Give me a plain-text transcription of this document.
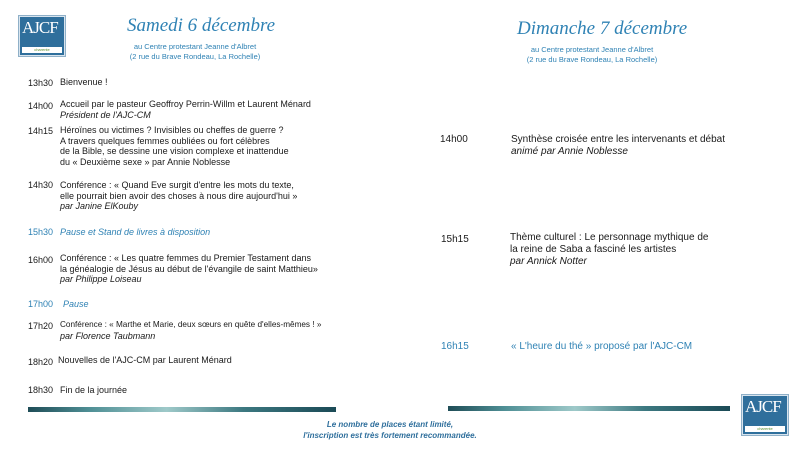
AJCF
charente
Samedi 6 décembre
au Centre protestant Jeanne d'Albret
(2 rue du Brave Rondeau, La Rochelle)
Dimanche 7 décembre
au Centre protestant Jeanne d'Albret
(2 rue du Brave Rondeau, La Rochelle)
13h30 Bienvenue !
14h00 Accueil par le pasteur Geoffroy Perrin-Willm et Laurent Ménard
Président de l'AJC-CM
14h15 Héroïnes ou victimes ? Invisibles ou cheffes de guerre ?
A travers quelques femmes oubliées ou fort célèbres
de la Bible, se dessine une vision complexe et inattendue
du « Deuxième sexe » par Annie Noblesse
14h30 Conférence : « Quand Eve surgit d'entre les mots du texte,
elle pourrait bien avoir des choses à nous dire aujourd'hui »
par Janine ElKouby
15h30 Pause et Stand de livres à disposition
16h00 Conférence : « Les quatre femmes du Premier Testament dans
la généalogie de Jésus au début de l'évangile de saint Matthieu»
par Philippe Loiseau
17h00 Pause
17h20 Conférence : « Marthe et Marie, deux sœurs en quête d'elles-mêmes ! »
par Florence Taubmann
18h20 Nouvelles de l'AJC-CM par Laurent Ménard
18h30 Fin de la journée
14h00	Synthèse croisée entre les intervenants et débat
animé par Annie Noblesse
15h15	Thème culturel : Le personnage mythique de
la reine de Saba a fasciné les artistes
par Annick Notter
16h15	« L'heure du thé » proposé par l'AJC-CM
AJCF
charente
Le nombre de places étant limité,
l'inscription est très fortement recommandée.
